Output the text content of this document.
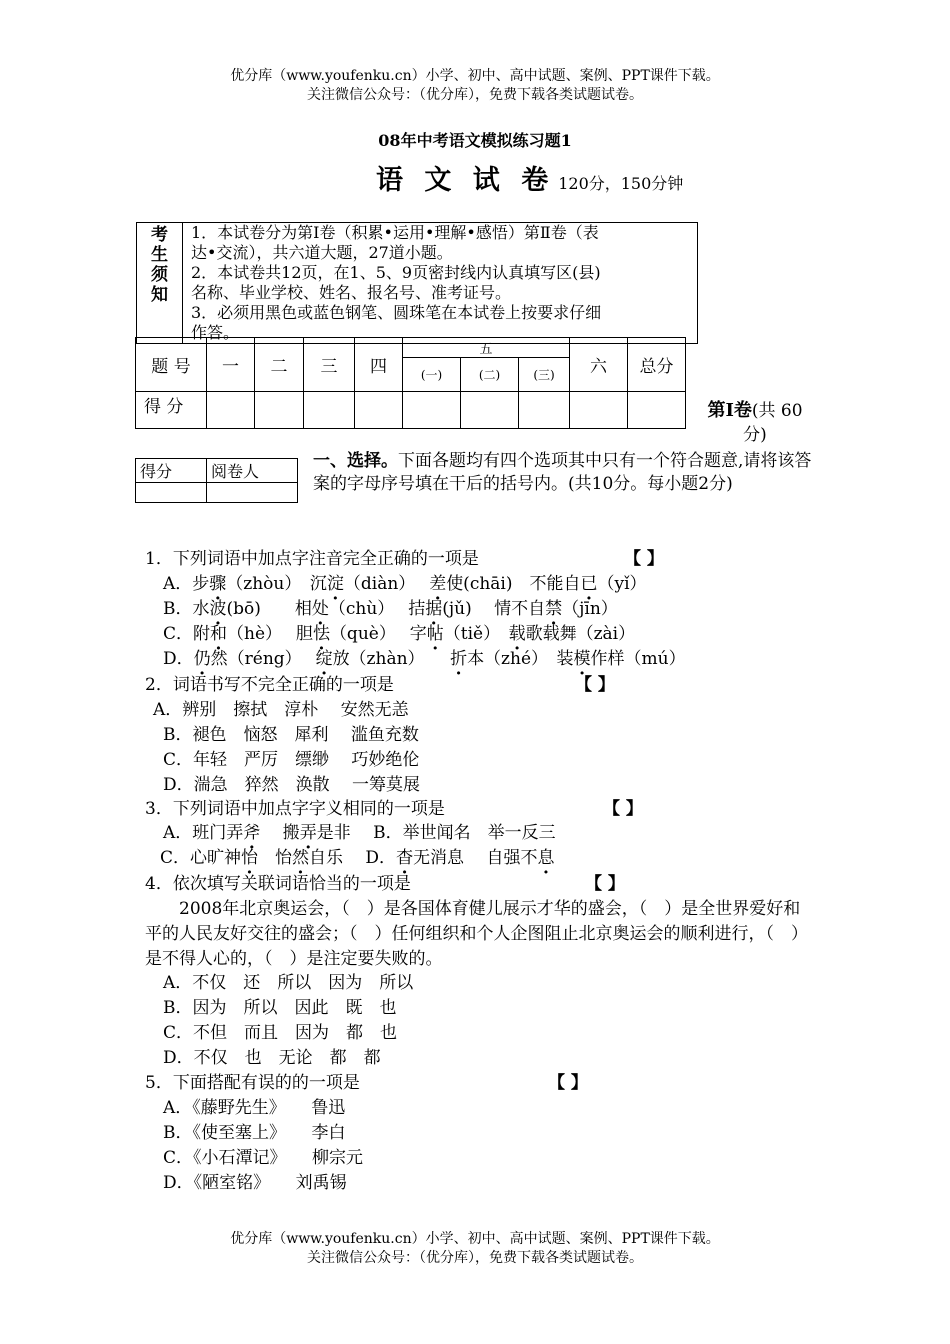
优分库（www.youfenku.cn）小学、初中、高中试题、案例、PPT课件下载。
关注微信公众号：（优分库），免费下载各类试题试卷。
08年中考语文模拟练习题1
语 文 试 卷 120分，150分钟
考
生
须
知
1．本试卷分为第Ⅰ卷（积累•运用•理解•感悟）第Ⅱ卷（表
达•交流），共六道大题，27道小题。
2．本试卷共12页，在1、5、9页密封线内认真填写区(县)
名称、毕业学校、姓名、报名号、准考证号。
3．必须用黑色或蓝色钢笔、圆珠笔在本试卷上按要求仔细
作答。
题 号	一	二	三	四	五			六	总分
					(一)	(二)	(三)		
得 分										第Ⅰ卷(共 60分)
得分	阅卷人

一、选择。下面各题均有四个选项其中只有一个符合题意,请将该答案的字母序号填在干后的括号内。(共10分。每小题2分)
1．下列词语中加点字注音完全正确的一项是	【 】
A．步骤（zhòu）　沉淀（diàn）　 差使(chāi)　不能自已（yǐ）
B．水波(bō)　　相处（chù）　 拮据(jǔ)　 情不自禁（jīn）
C．附和（hè）　 胆怯（què）　 字帖（tiě）　载歌载舞（zài）
D．仍然（réng）　 绽放（zhàn）　　折本（zhé）　装模作样（mú）
2．词语书写不完全正确的一项是	【 】
A．辨别　擦拭　淳朴　 安然无恙
B．褪色　恼怒　犀利　 滥鱼充数
C．年轻　严厉　缥缈　 巧妙绝伦
D．湍急　猝然　涣散　 一筹莫展
3．下列词语中加点字字义相同的一项是	【 】
A．班门弄斧　 搬弄是非　 B．举世闻名　举一反三
C．心旷神怡　怡然自乐　 D．杳无消息　 自强不息
4．依次填写关联词语恰当的一项是	【 】
　　2008年北京奥运会，（　）是各国体育健儿展示才华的盛会，（　）是全世界爱好和平的人民友好交往的盛会；（　）任何组织和个人企图阻止北京奥运会的顺利进行，（　）是不得人心的，（　）是注定要失败的。
A．不仅　还　所以　因为　所以
B．因为　所以　因此　既　也
C．不但　而且　因为　都　也
D．不仅　也　无论　都　都
5．下面搭配有误的的一项是	【 】
A．《藤野先生》　　鲁迅
B．《使至塞上》　　李白
C．《小石潭记》　　柳宗元
D．《陋室铭》　　刘禹锡
优分库（www.youfenku.cn）小学、初中、高中试题、案例、PPT课件下载。
关注微信公众号：（优分库），免费下载各类试题试卷。
